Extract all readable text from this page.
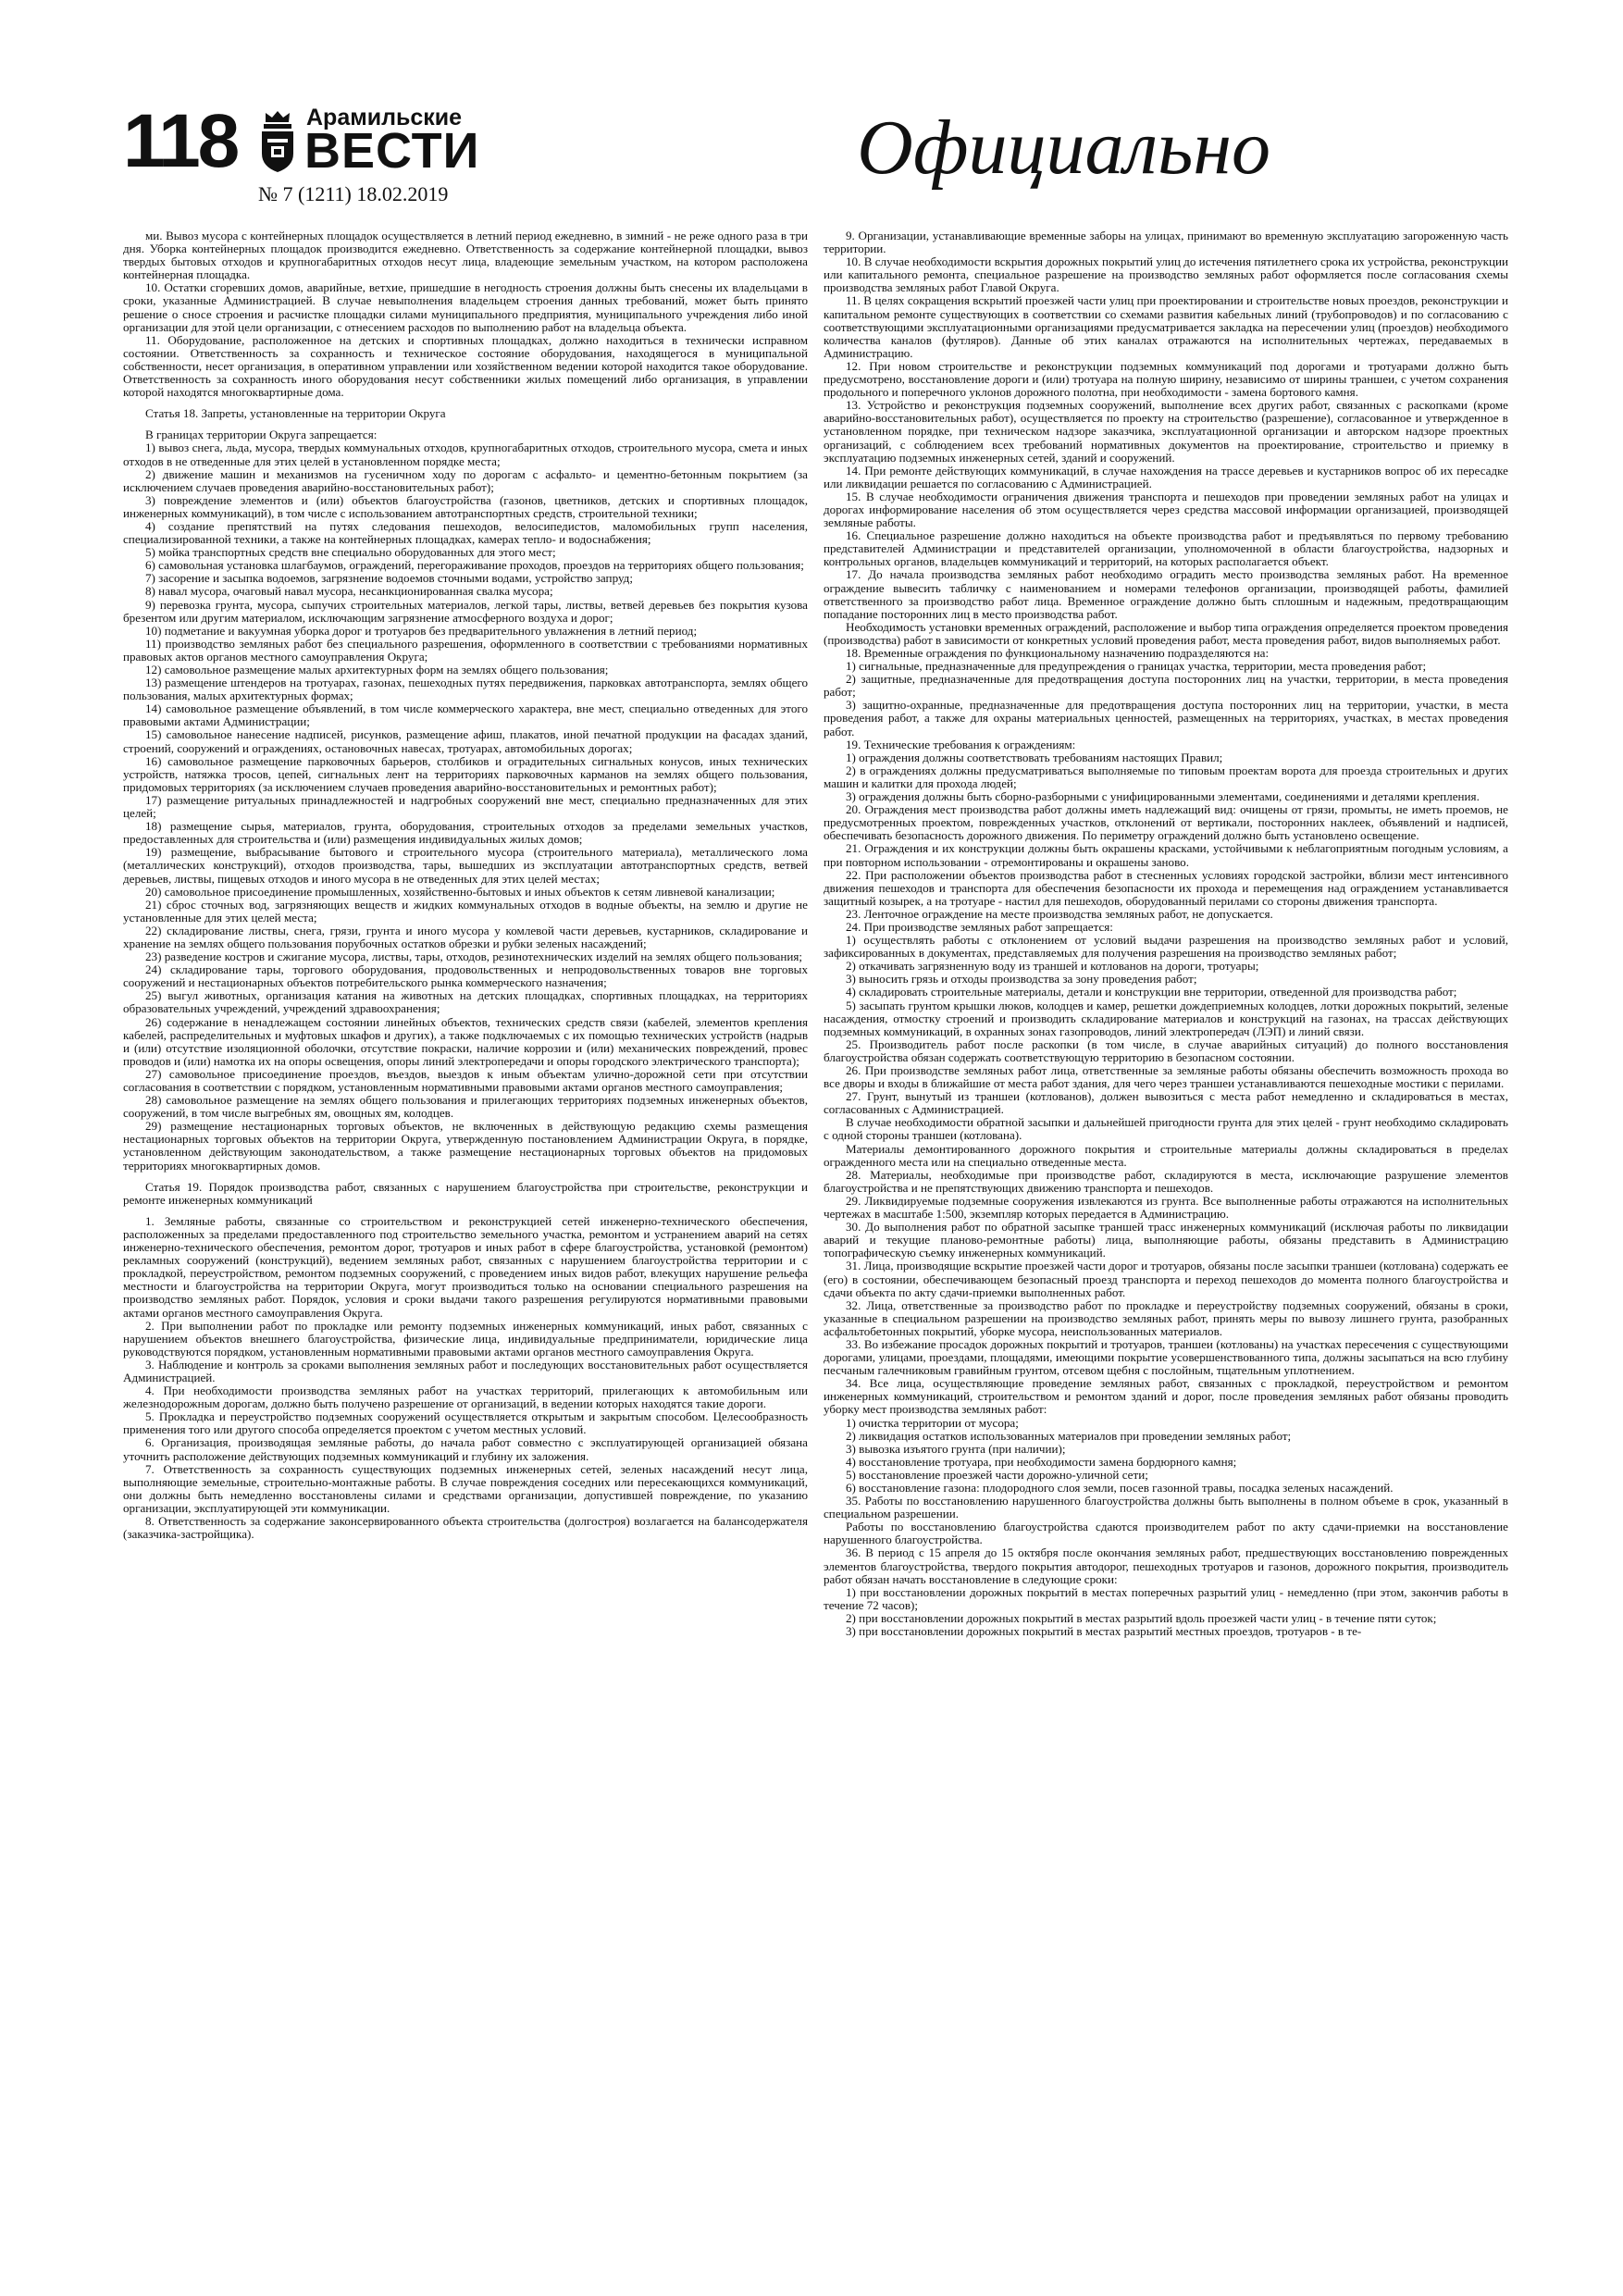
118	Арамильские
ВЕСТИ
№ 7 (1211) 18.02.2019
Официально

ми. Вывоз мусора с контейнерных площадок осуществляется в летний период ежедневно, в зимний - не реже одного раза в три дня. Уборка контейнерных площадок производится ежедневно. Ответственность за содержание контейнерной площадки, вывоз твердых бытовых отходов и крупногабаритных отходов несут лица, владеющие земельным участком, на котором расположена контейнерная площадка.

10. Остатки сгоревших домов, аварийные, ветхие, пришедшие в негодность строения должны быть снесены их владельцами в сроки, указанные Администрацией. В случае невыполнения владельцем строения данных требований, может быть принято решение о сносе строения и расчистке площадки силами муниципального предприятия, муниципального учреждения либо иной организации для этой цели организации, с отнесением расходов по выполнению работ на владельца объекта.

11. Оборудование, расположенное на детских и спортивных площадках, должно находиться в технически исправном состоянии. Ответственность за сохранность и техническое состояние оборудования, находящегося в муниципальной собственности, несет организация, в оперативном управлении или хозяйственном ведении которой находится такое оборудование. Ответственность за сохранность иного оборудования несут собственники жилых помещений либо организация, в управлении которой находятся многоквартирные дома.

Статья 18. Запреты, установленные на территории Округа

В границах территории Округа запрещается:

1) вывоз снега, льда, мусора, твердых коммунальных отходов, крупногабаритных отходов, строительного мусора, смета и иных отходов в не отведенные для этих целей в установленном порядке места;

2) движение машин и механизмов на гусеничном ходу по дорогам с асфальто- и цементно-бетонным покрытием (за исключением случаев проведения аварийно-восстановительных работ);

3) повреждение элементов и (или) объектов благоустройства (газонов, цветников, детских и спортивных площадок, инженерных коммуникаций), в том числе с использованием автотранспортных средств, строительной техники;

4) создание препятствий на путях следования пешеходов, велосипедистов, маломобильных групп населения, специализированной техники, а также на контейнерных площадках, камерах тепло- и водоснабжения;

5) мойка транспортных средств вне специально оборудованных для этого мест;

6) самовольная установка шлагбаумов, ограждений, перегораживание проходов, проездов на территориях общего пользования;

7) засорение и засыпка водоемов, загрязнение водоемов сточными водами, устройство запруд;

8) навал мусора, очаговый навал мусора, несанкционированная свалка мусора;

9) перевозка грунта, мусора, сыпучих строительных материалов, легкой тары, листвы, ветвей деревьев без покрытия кузова брезентом или другим материалом, исключающим загрязнение атмосферного воздуха и дорог;

10) подметание и вакуумная уборка дорог и тротуаров без предварительного увлажнения в летний период;

11) производство земляных работ без специального разрешения, оформленного в соответствии с требованиями нормативных правовых актов органов местного самоуправления Округа;

12) самовольное размещение малых архитектурных форм на землях общего пользования;

13) размещение штендеров на тротуарах, газонах, пешеходных путях передвижения, парковках автотранспорта, землях общего пользования, малых архитектурных формах;

14) самовольное размещение объявлений, в том числе коммерческого характера, вне мест, специально отведенных для этого правовыми актами Администрации;

15) самовольное нанесение надписей, рисунков, размещение афиш, плакатов, иной печатной продукции на фасадах зданий, строений, сооружений и ограждениях, остановочных навесах, тротуарах, автомобильных дорогах;

16) самовольное размещение парковочных барьеров, столбиков и оградительных сигнальных конусов, иных технических устройств, натяжка тросов, цепей, сигнальных лент на территориях парковочных карманов на землях общего пользования, придомовых территориях (за исключением случаев проведения аварийно-восстановительных и ремонтных работ);

17) размещение ритуальных принадлежностей и надгробных сооружений вне мест, специально предназначенных для этих целей;

18) размещение сырья, материалов, грунта, оборудования, строительных отходов за пределами земельных участков, предоставленных для строительства и (или) размещения индивидуальных жилых домов;

19) размещение, выбрасывание бытового и строительного мусора (строительного материала), металлического лома (металлических конструкций), отходов производства, тары, вышедших из эксплуатации автотранспортных средств, ветвей деревьев, листвы, пищевых отходов и иного мусора в не отведенных для этих целей местах;

20) самовольное присоединение промышленных, хозяйственно-бытовых и иных объектов к сетям ливневой канализации;

21) сброс сточных вод, загрязняющих веществ и жидких коммунальных отходов в водные объекты, на землю и другие не установленные для этих целей места;

22) складирование листвы, снега, грязи, грунта и иного мусора у комлевой части деревьев, кустарников, складирование и хранение на землях общего пользования порубочных остатков обрезки и рубки зеленых насаждений;

23) разведение костров и сжигание мусора, листвы, тары, отходов, резинотехнических изделий на землях общего пользования;

24) складирование тары, торгового оборудования, продовольственных и непродовольственных товаров вне торговых сооружений и нестационарных объектов потребительского рынка коммерческого назначения;

25) выгул животных, организация катания на животных на детских площадках, спортивных площадках, на территориях образовательных учреждений, учреждений здравоохранения;

26) содержание в ненадлежащем состоянии линейных объектов, технических средств связи (кабелей, элементов крепления кабелей, распределительных и муфтовых шкафов и других), а также подключаемых с их помощью технических устройств (надрыв и (или) отсутствие изоляционной оболочки, отсутствие покраски, наличие коррозии и (или) механических повреждений, провес проводов и (или) намотка их на опоры освещения, опоры линий электропередачи и опоры городского электрического транспорта);

27) самовольное присоединение проездов, въездов, выездов к иным объектам улично-дорожной сети при отсутствии согласования в соответствии с порядком, установленным нормативными правовыми актами органов местного самоуправления;

28) самовольное размещение на землях общего пользования и прилегающих территориях подземных инженерных объектов, сооружений, в том числе выгребных ям, овощных ям, колодцев.

29) размещение нестационарных торговых объектов, не включенных в действующую редакцию схемы размещения нестационарных торговых объектов на территории Округа, утвержденную постановлением Администрации Округа, в порядке, установленном действующим законодательством, а также размещение нестационарных торговых объектов на придомовых территориях многоквартирных домов.

Статья 19. Порядок производства работ, связанных с нарушением благоустройства при строительстве, реконструкции и ремонте инженерных коммуникаций

1. Земляные работы, связанные со строительством и реконструкцией сетей инженерно-технического обеспечения, расположенных за пределами предоставленного под строительство земельного участка, ремонтом и устранением аварий на сетях инженерно-технического обеспечения, ремонтом дорог, тротуаров и иных работ в сфере благоустройства, установкой (ремонтом) рекламных сооружений (конструкций), ведением земляных работ, связанных с нарушением благоустройства территории и с прокладкой, переустройством, ремонтом подземных сооружений, с проведением иных видов работ, влекущих нарушение рельефа местности и благоустройства на территории Округа, могут производиться только на основании специального разрешения на производство земляных работ. Порядок, условия и сроки выдачи такого разрешения регулируются нормативными правовыми актами органов местного самоуправления Округа.

2. При выполнении работ по прокладке или ремонту подземных инженерных коммуникаций, иных работ, связанных с нарушением объектов внешнего благоустройства, физические лица, индивидуальные предприниматели, юридические лица руководствуются порядком, установленным нормативными правовыми актами органов местного самоуправления Округа.

3. Наблюдение и контроль за сроками выполнения земляных работ и последующих восстановительных работ осуществляется Администрацией.

4. При необходимости производства земляных работ на участках территорий, прилегающих к автомобильным или железнодорожным дорогам, должно быть получено разрешение от организаций, в ведении которых находятся такие дороги.

5. Прокладка и переустройство подземных сооружений осуществляется открытым и закрытым способом. Целесообразность применения того или другого способа определяется проектом с учетом местных условий.

6. Организация, производящая земляные работы, до начала работ совместно с эксплуатирующей организацией обязана уточнить расположение действующих подземных коммуникаций и глубину их заложения.

7. Ответственность за сохранность существующих подземных инженерных сетей, зеленых насаждений несут лица, выполняющие земельные, строительно-монтажные работы. В случае повреждения соседних или пересекающихся коммуникаций, они должны быть немедленно восстановлены силами и средствами организации, допустившей повреждение, по указанию организации, эксплуатирующей эти коммуникации.

8. Ответственность за содержание законсервированного объекта строительства (долгостроя) возлагается на балансодержателя (заказчика-застройщика).

9. Организации, устанавливающие временные заборы на улицах, принимают во временную эксплуатацию загороженную часть территории.

10. В случае необходимости вскрытия дорожных покрытий улиц до истечения пятилетнего срока их устройства, реконструкции или капитального ремонта, специальное разрешение на производство земляных работ оформляется после согласования схемы производства земляных работ Главой Округа.

11. В целях сокращения вскрытий проезжей части улиц при проектировании и строительстве новых проездов, реконструкции и капитальном ремонте существующих в соответствии со схемами развития кабельных линий (трубопроводов) и по согласованию с соответствующими эксплуатационными организациями предусматривается закладка на пересечении улиц (проездов) необходимого количества каналов (футляров). Данные об этих каналах отражаются на исполнительных чертежах, передаваемых в Администрацию.

12. При новом строительстве и реконструкции подземных коммуникаций под дорогами и тротуарами должно быть предусмотрено, восстановление дороги и (или) тротуара на полную ширину, независимо от ширины траншеи, с учетом сохранения продольного и поперечного уклонов дорожного полотна, при необходимости - замена бортового камня.

13. Устройство и реконструкция подземных сооружений, выполнение всех других работ, связанных с раскопками (кроме аварийно-восстановительных работ), осуществляется по проекту на строительство (разрешение), согласованное и утвержденное в установленном порядке, при техническом надзоре заказчика, эксплуатационной организации и авторском надзоре проектных организаций, с соблюдением всех требований нормативных документов на проектирование, строительство и приемку в эксплуатацию подземных инженерных сетей, зданий и сооружений.

14. При ремонте действующих коммуникаций, в случае нахождения на трассе деревьев и кустарников вопрос об их пересадке или ликвидации решается по согласованию с Администрацией.

15. В случае необходимости ограничения движения транспорта и пешеходов при проведении земляных работ на улицах и дорогах информирование населения об этом осуществляется через средства массовой информации организацией, производящей земляные работы.

16. Специальное разрешение должно находиться на объекте производства работ и предъявляться по первому требованию представителей Администрации и представителей организации, уполномоченной в области благоустройства, надзорных и контрольных органов, владельцев коммуникаций и территорий, на которых располагается объект.

17. До начала производства земляных работ необходимо оградить место производства земляных работ. На временное ограждение вывесить табличку с наименованием и номерами телефонов организации, производящей работы, фамилией ответственного за производство работ лица. Временное ограждение должно быть сплошным и надежным, предотвращающим попадание посторонних лиц в место производства работ.

Необходимость установки временных ограждений, расположение и выбор типа ограждения определяется проектом проведения (производства) работ в зависимости от конкретных условий проведения работ, места проведения работ, видов выполняемых работ.

18. Временные ограждения по функциональному назначению подразделяются на:

1) сигнальные, предназначенные для предупреждения о границах участка, территории, места проведения работ;

2) защитные, предназначенные для предотвращения доступа посторонних лиц на участки, территории, в места проведения работ;

3) защитно-охранные, предназначенные для предотвращения доступа посторонних лиц на территории, участки, в места проведения работ, а также для охраны материальных ценностей, размещенных на территориях, участках, в местах проведения работ.

19. Технические требования к ограждениям:

1) ограждения должны соответствовать требованиям настоящих Правил;

2) в ограждениях должны предусматриваться выполняемые по типовым проектам ворота для проезда строительных и других машин и калитки для прохода людей;

3) ограждения должны быть сборно-разборными с унифицированными элементами, соединениями и деталями крепления.

20. Ограждения мест производства работ должны иметь надлежащий вид: очищены от грязи, промыты, не иметь проемов, не предусмотренных проектом, поврежденных участков, отклонений от вертикали, посторонних наклеек, объявлений и надписей, обеспечивать безопасность дорожного движения. По периметру ограждений должно быть установлено освещение.

21. Ограждения и их конструкции должны быть окрашены красками, устойчивыми к неблагоприятным погодным условиям, а при повторном использовании - отремонтированы и окрашены заново.

22. При расположении объектов производства работ в стесненных условиях городской застройки, вблизи мест интенсивного движения пешеходов и транспорта для обеспечения безопасности их прохода и перемещения над ограждением устанавливается защитный козырек, а на тротуаре - настил для пешеходов, оборудованный перилами со стороны движения транспорта.

23. Ленточное ограждение на месте производства земляных работ, не допускается.

24. При производстве земляных работ запрещается:

1) осуществлять работы с отклонением от условий выдачи разрешения на производство земляных работ и условий, зафиксированных в документах, представляемых для получения разрешения на производство земляных работ;

2) откачивать загрязненную воду из траншей и котлованов на дороги, тротуары;

3) выносить грязь и отходы производства за зону проведения работ;

4) складировать строительные материалы, детали и конструкции вне территории, отведенной для производства работ;

5) засыпать грунтом крышки люков, колодцев и камер, решетки дождеприемных колодцев, лотки дорожных покрытий, зеленые насаждения, отмостку строений и производить складирование материалов и конструкций на газонах, на трассах действующих подземных коммуникаций, в охранных зонах газопроводов, линий электропередач (ЛЭП) и линий связи.

25. Производитель работ после раскопки (в том числе, в случае аварийных ситуаций) до полного восстановления благоустройства обязан содержать соответствующую территорию в безопасном состоянии.

26. При производстве земляных работ лица, ответственные за земляные работы обязаны обеспечить возможность прохода во все дворы и входы в ближайшие от места работ здания, для чего через траншеи устанавливаются пешеходные мостики с перилами.

27. Грунт, вынутый из траншеи (котлованов), должен вывозиться с места работ немедленно и складироваться в местах, согласованных с Администрацией.

В случае необходимости обратной засыпки и дальнейшей пригодности грунта для этих целей - грунт необходимо складировать с одной стороны траншеи (котлована).

Материалы демонтированного дорожного покрытия и строительные материалы должны складироваться в пределах огражденного места или на специально отведенные места.

28. Материалы, необходимые при производстве работ, складируются в места, исключающие разрушение элементов благоустройства и не препятствующих движению транспорта и пешеходов.

29. Ликвидируемые подземные сооружения извлекаются из грунта. Все выполненные работы отражаются на исполнительных чертежах в масштабе 1:500, экземпляр которых передается в Администрацию.

30. До выполнения работ по обратной засыпке траншей трасс инженерных коммуникаций (исключая работы по ликвидации аварий и текущие планово-ремонтные работы) лица, выполняющие работы, обязаны представить в Администрацию топографическую съемку инженерных коммуникаций.

31. Лица, производящие вскрытие проезжей части дорог и тротуаров, обязаны после засыпки траншеи (котлована) содержать ее (его) в состоянии, обеспечивающем безопасный проезд транспорта и переход пешеходов до момента полного благоустройства и сдачи объекта по акту сдачи-приемки выполненных работ.

32. Лица, ответственные за производство работ по прокладке и переустройству подземных сооружений, обязаны в сроки, указанные в специальном разрешении на производство земляных работ, принять меры по вывозу лишнего грунта, разобранных асфальтобетонных покрытий, уборке мусора, неиспользованных материалов.

33. Во избежание просадок дорожных покрытий и тротуаров, траншеи (котлованы) на участках пересечения с существующими дорогами, улицами, проездами, площадями, имеющими покрытие усовершенствованного типа, должны засыпаться на всю глубину песчаным галечниковым гравийным грунтом, отсевом щебня с послойным, тщательным уплотнением.

34. Все лица, осуществляющие проведение земляных работ, связанных с прокладкой, переустройством и ремонтом инженерных коммуникаций, строительством и ремонтом зданий и дорог, после проведения земляных работ обязаны проводить уборку мест производства земляных работ:

1) очистка территории от мусора;

2) ликвидация остатков использованных материалов при проведении земляных работ;

3) вывозка изъятого грунта (при наличии);

4) восстановление тротуара, при необходимости замена бордюрного камня;

5) восстановление проезжей части дорожно-уличной сети;

6) восстановление газона: плодородного слоя земли, посев газонной травы, посадка зеленых насаждений.

35. Работы по восстановлению нарушенного благоустройства должны быть выполнены в полном объеме в срок, указанный в специальном разрешении.

Работы по восстановлению благоустройства сдаются производителем работ по акту сдачи-приемки на восстановление нарушенного благоустройства.

36. В период с 15 апреля до 15 октября после окончания земляных работ, предшествующих восстановлению поврежденных элементов благоустройства, твердого покрытия автодорог, пешеходных тротуаров и газонов, дорожного покрытия, производитель работ обязан начать восстановление в следующие сроки:

1) при восстановлении дорожных покрытий в местах поперечных разрытий улиц - немедленно (при этом, закончив работы в течение 72 часов);

2) при восстановлении дорожных покрытий в местах разрытий вдоль проезжей части улиц - в течение пяти суток;

3) при восстановлении дорожных покрытий в местах разрытий местных проездов, тротуаров - в те-
